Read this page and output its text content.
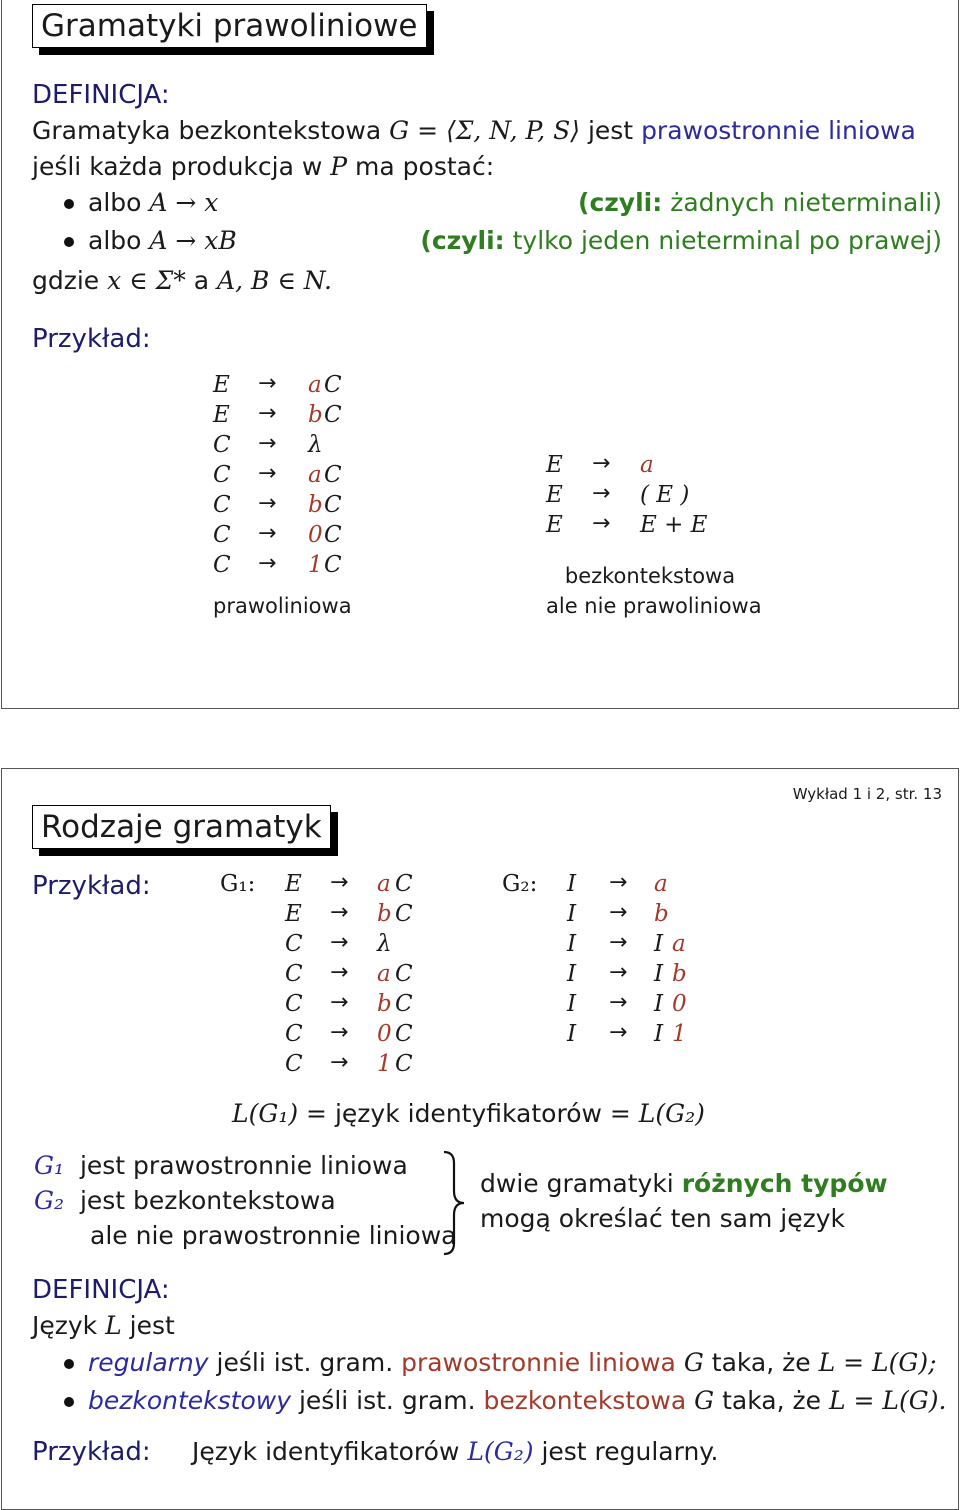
Gramatyki prawoliniowe
DEFINICJA:
Gramatyka bezkontekstowa G = ⟨Σ, N, P, S⟩ jest prawostronnie liniowa
jeśli każda produkcja w P ma postać:
albo A → x	(czyli: żadnych nieterminali)
albo A → xB	(czyli: tylko jeden nieterminal po prawej)
gdzie x ∈ Σ* a A, B ∈ N.
Przykład:
prawoliniowa
bezkontekstowa
ale nie prawoliniowa
E → a C
E → b C
C → λ
C → a C
C → b C
C → 0 C
C → 1 C
E → a
E → ( E )
E → E + E
Wykład 1 i 2, str. 13
Rodzaje gramatyk
Przykład:	G₁:	G₂:
L(G₁) = język identyfikatorów = L(G₂)
G₁ jest prawostronnie liniowa
G₂ jest bezkontekstowa
ale nie prawostronnie liniowa
dwie gramatyki różnych typów
mogą określać ten sam język
DEFINICJA:
Język L jest
regularny jeśli ist. gram. prawostronnie liniowa G taka, że L = L(G);
bezkontekstowy jeśli ist. gram. bezkontekstowa G taka, że L = L(G).
Przykład: Język identyfikatorów L(G₂) jest regularny.
E → a C
E → b C
C → λ
C → a C
C → b C
C → 0 C
C → 1 C
I → a
I → b
I → I a
I → I b
I → I 0
I → I 1
